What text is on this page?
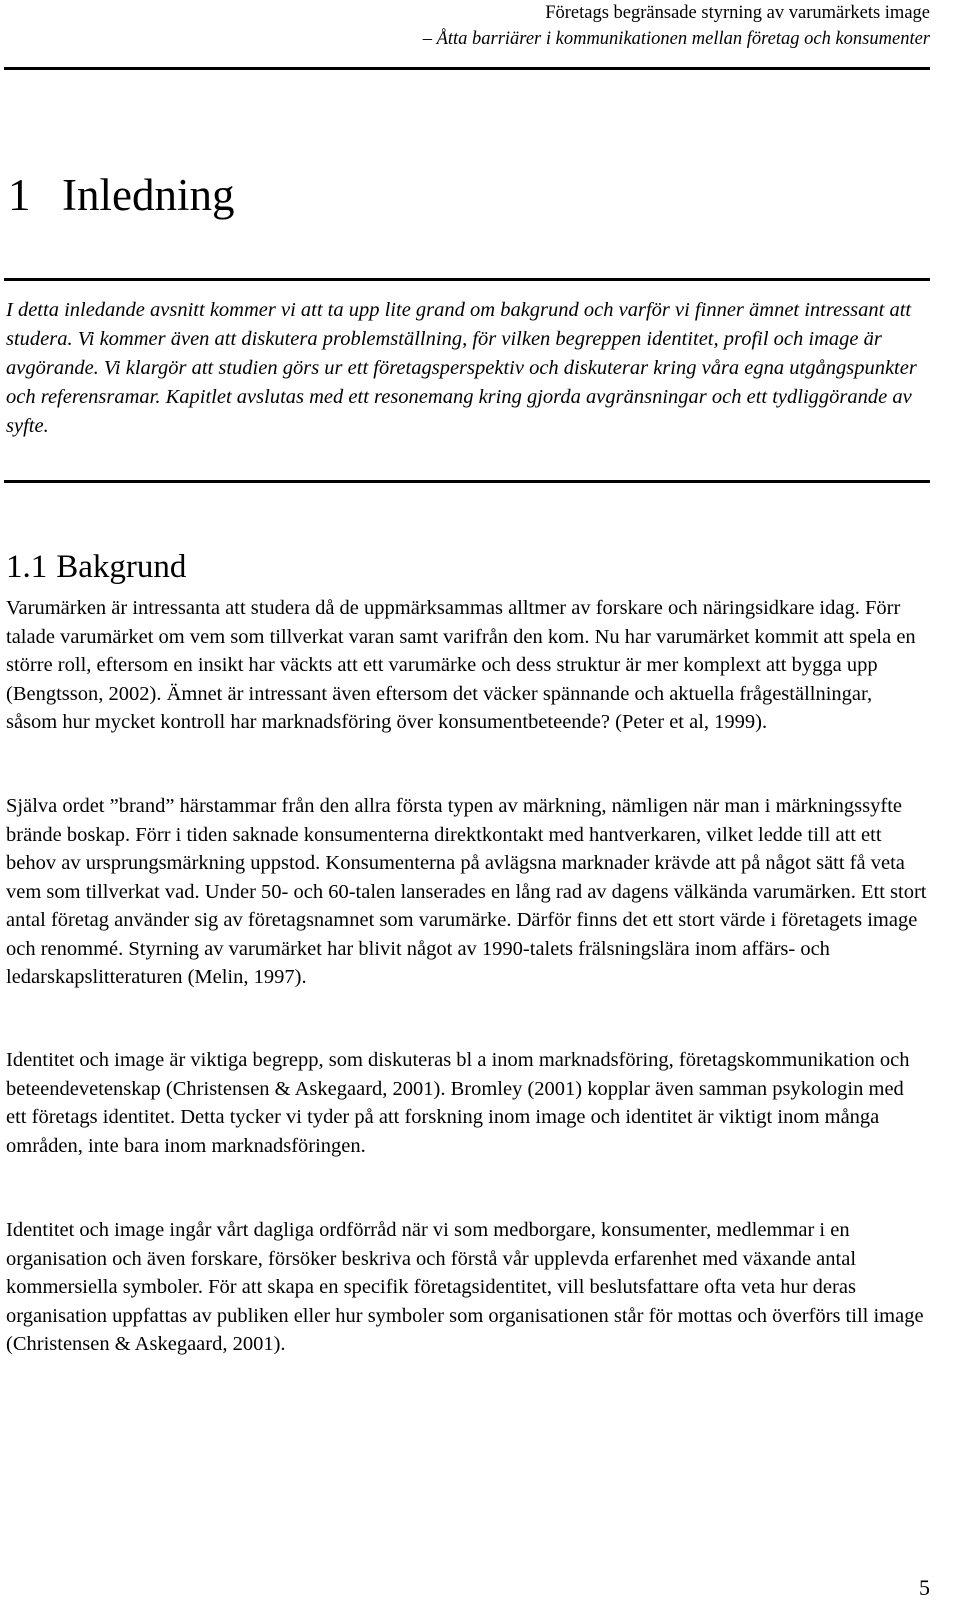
Företags begränsade styrning av varumärkets image
– Åtta barriärer i kommunikationen mellan företag och konsumenter
1 Inledning

I detta inledande avsnitt kommer vi att ta upp lite grand om bakgrund och varför vi finner ämnet intressant att studera. Vi kommer även att diskutera problemställning, för vilken begreppen identitet, profil och image är avgörande. Vi klargör att studien görs ur ett företagsperspektiv och diskuterar kring våra egna utgångspunkter och referensramar. Kapitlet avslutas med ett resonemang kring gjorda avgränsningar och ett tydliggörande av syfte.

1.1 Bakgrund

Varumärken är intressanta att studera då de uppmärksammas alltmer av forskare och näringsidkare idag. Förr talade varumärket om vem som tillverkat varan samt varifrån den kom. Nu har varumärket kommit att spela en större roll, eftersom en insikt har väckts att ett varumärke och dess struktur är mer komplext att bygga upp (Bengtsson, 2002). Ämnet är intressant även eftersom det väcker spännande och aktuella frågeställningar, såsom hur mycket kontroll har marknadsföring över konsumentbeteende? (Peter et al, 1999).

Själva ordet ”brand” härstammar från den allra första typen av märkning, nämligen när man i märkningssyfte brände boskap. Förr i tiden saknade konsumenterna direktkontakt med hantverkaren, vilket ledde till att ett behov av ursprungsmärkning uppstod. Konsumenterna på avlägsna marknader krävde att på något sätt få veta vem som tillverkat vad. Under 50- och 60-talen lanserades en lång rad av dagens välkända varumärken. Ett stort antal företag använder sig av företagsnamnet som varumärke. Därför finns det ett stort värde i företagets image och renommé. Styrning av varumärket har blivit något av 1990-talets frälsningslära inom affärs- och ledarskapslitteraturen (Melin, 1997).

Identitet och image är viktiga begrepp, som diskuteras bl a inom marknadsföring, företagskommunikation och beteendevetenskap (Christensen & Askegaard, 2001). Bromley (2001) kopplar även samman psykologin med ett företags identitet. Detta tycker vi tyder på att forskning inom image och identitet är viktigt inom många områden, inte bara inom marknadsföringen.

Identitet och image ingår vårt dagliga ordförråd när vi som medborgare, konsumenter, medlemmar i en organisation och även forskare, försöker beskriva och förstå vår upplevda erfarenhet med växande antal kommersiella symboler. För att skapa en specifik företagsidentitet, vill beslutsfattare ofta veta hur deras organisation uppfattas av publiken eller hur symboler som organisationen står för mottas och överförs till image (Christensen & Askegaard, 2001).

5
